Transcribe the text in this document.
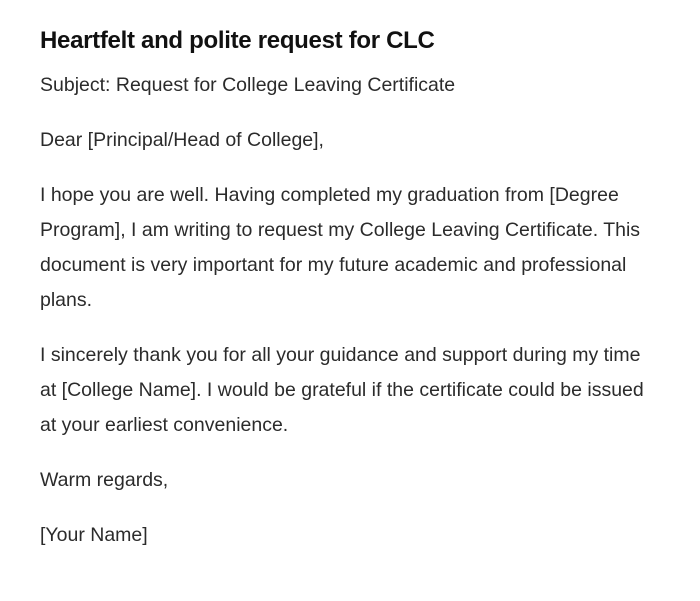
Heartfelt and polite request for CLC

Subject: Request for College Leaving Certificate

Dear [Principal/Head of College],

I hope you are well. Having completed my graduation from [Degree Program], I am writing to request my College Leaving Certificate. This document is very important for my future academic and professional plans.

I sincerely thank you for all your guidance and support during my time at [College Name]. I would be grateful if the certificate could be issued at your earliest convenience.

Warm regards,

[Your Name]
